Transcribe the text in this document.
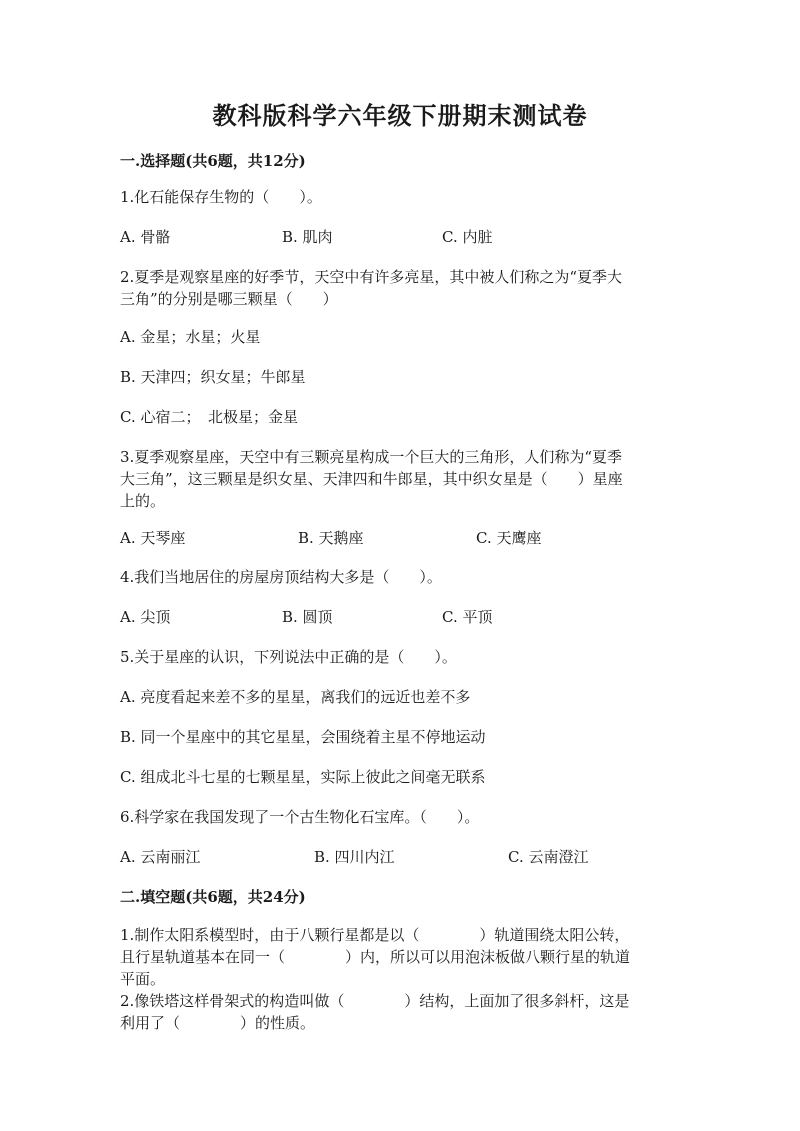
教科版科学六年级下册期末测试卷
一.选择题(共6题，共12分)
1.化石能保存生物的（　　）。
A. 骨骼	B. 肌肉	C. 内脏
2.夏季是观察星座的好季节，天空中有许多亮星，其中被人们称之为“夏季大
三角”的分别是哪三颗星（　　）
A. 金星；水星；火星
B. 天津四；织女星；牛郎星
C. 心宿二；　北极星；金星
3.夏季观察星座，天空中有三颗亮星构成一个巨大的三角形，人们称为“夏季
大三角”，这三颗星是织女星、天津四和牛郎星，其中织女星是（　　）星座
上的。
A. 天琴座	B. 天鹅座	C. 天鹰座
4.我们当地居住的房屋房顶结构大多是（　　）。
A. 尖顶	B. 圆顶	C. 平顶
5.关于星座的认识，下列说法中正确的是（　　）。
A. 亮度看起来差不多的星星，离我们的远近也差不多
B. 同一个星座中的其它星星，会围绕着主星不停地运动
C. 组成北斗七星的七颗星星，实际上彼此之间毫无联系
6.科学家在我国发现了一个古生物化石宝库。（　　）。
A. 云南丽江	B. 四川内江	C. 云南澄江
二.填空题(共6题，共24分)
1.制作太阳系模型时，由于八颗行星都是以（　　　　）轨道围绕太阳公转，
且行星轨道基本在同一（　　　　）内，所以可以用泡沫板做八颗行星的轨道
平面。
2.像铁塔这样骨架式的构造叫做（　　　　）结构，上面加了很多斜杆，这是
利用了（　　　　）的性质。
